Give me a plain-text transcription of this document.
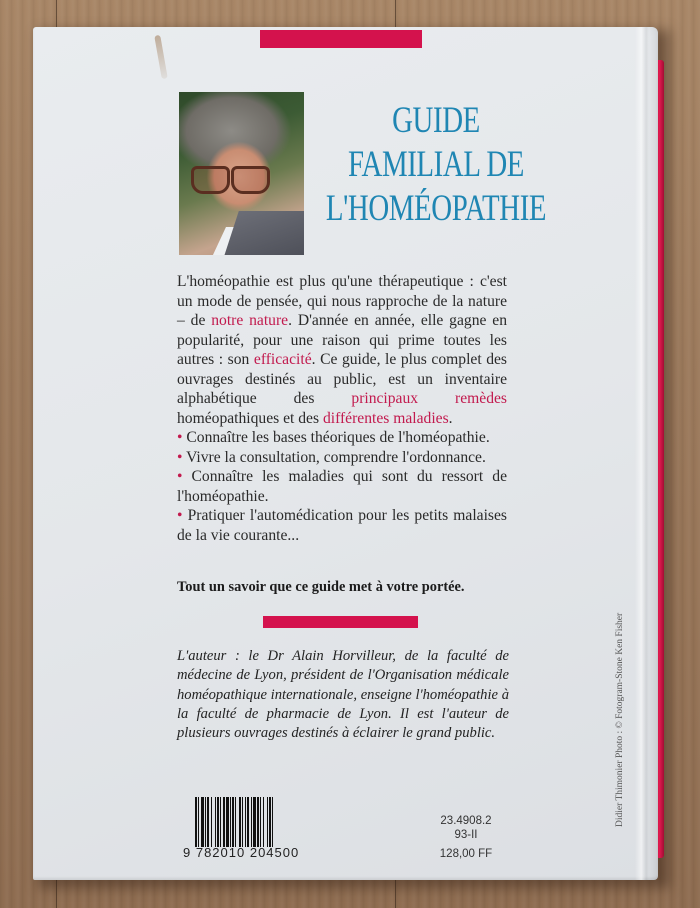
GUIDE
FAMILIAL DE
L'HOMÉOPATHIE

L'homéopathie est plus qu'une thérapeutique : c'est un mode de pensée, qui nous rapproche de la nature – de notre nature. D'année en année, elle gagne en popularité, pour une raison qui prime toutes les autres : son efficacité. Ce guide, le plus complet des ouvrages destinés au public, est un inventaire alphabétique des principaux remèdes homéopathiques et des différentes maladies.

• Connaître les bases théoriques de l'homéopathie.

• Vivre la consultation, comprendre l'ordonnance.

• Connaître les maladies qui sont du ressort de l'homéopathie.

• Pratiquer l'automédication pour les petits malaises de la vie courante...

Tout un savoir que ce guide met à votre portée.
L'auteur : le Dr Alain Horvilleur, de la faculté de médecine de Lyon, président de l'Organisation médicale homéopathique internationale, enseigne l'homéopathie à la faculté de pharmacie de Lyon. Il est l'auteur de plusieurs ouvrages destinés à éclairer le grand public.
9 782010 204500
23.4908.2
93-II
128,00 FF
Didier Thimonier Photo : © Fotogram-Stone Ken Fisher
